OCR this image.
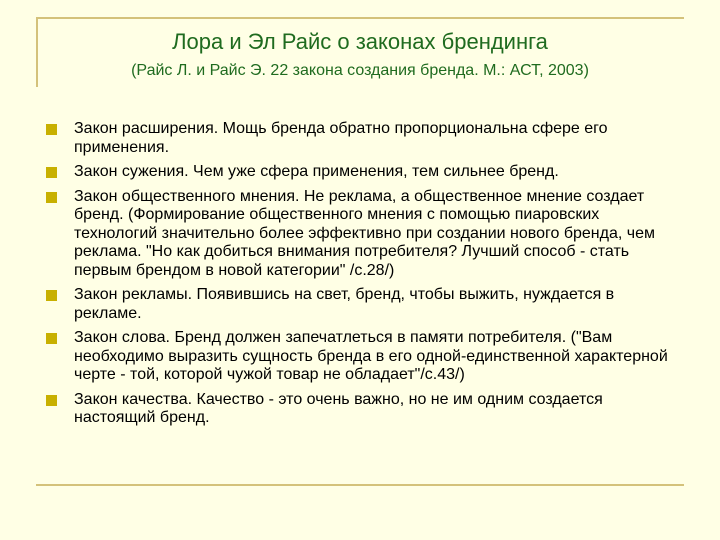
Лора и Эл Райс о законах брендинга

(Райс Л. и Райс Э. 22 закона создания бренда. М.: АСТ, 2003)

Закон расширения. Мощь бренда обратно пропорциональна сфере его применения.
Закон сужения. Чем уже сфера применения, тем сильнее бренд.
Закон общественного мнения. Не реклама, а общественное мнение создает бренд. (Формирование общественного мнения с помощью пиаровских технологий значительно более эффективно при создании нового бренда, чем реклама. "Но как добиться внимания потребителя? Лучший способ - стать первым брендом в новой категории" /с.28/)
Закон рекламы. Появившись на свет, бренд, чтобы выжить, нуждается в рекламе.
Закон слова. Бренд должен запечатлеться в памяти потребителя. ("Вам необходимо выразить сущность бренда в его одной-единственной характерной черте - той, которой чужой товар не обладает"/с.43/)
Закон качества. Качество - это очень важно, но не им одним создается настоящий бренд.
